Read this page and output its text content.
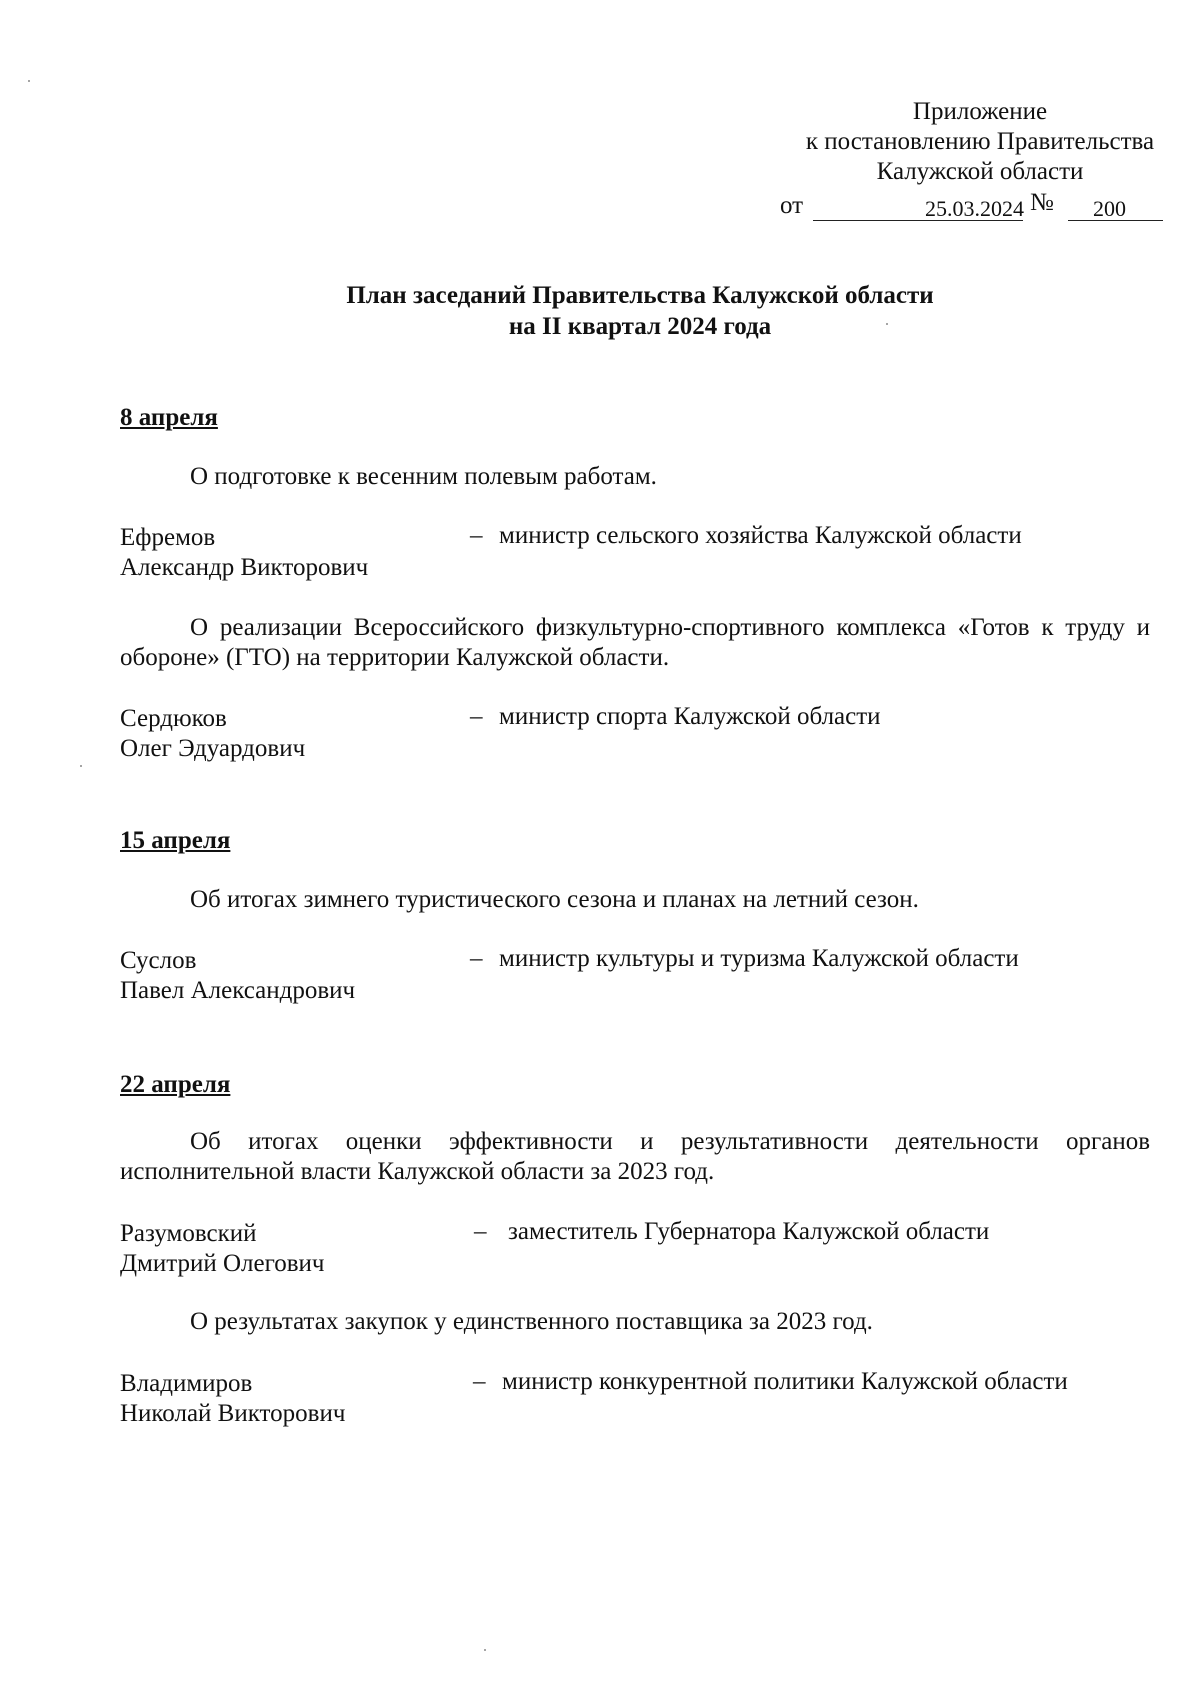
Приложение
к постановлению Правительства
Калужской области
от	25.03.2024 № 200
План заседаний Правительства Калужской области
на II квартал 2024 года
8 апреля
О подготовке к весенним полевым работам.
Ефремов
Александр Викторович
– министр сельского хозяйства Калужской области
О реализации Всероссийского физкультурно-спортивного комплекса «Готов к труду и обороне» (ГТО) на территории Калужской области.
Сердюков
Олег Эдуардович
– министр спорта Калужской области
15 апреля
Об итогах зимнего туристического сезона и планах на летний сезон.
Суслов
Павел Александрович
– министр культуры и туризма Калужской области
22 апреля
Об итогах оценки эффективности и результативности деятельности органов исполнительной власти Калужской области за 2023 год.
Разумовский
Дмитрий Олегович
– заместитель Губернатора Калужской области
О результатах закупок у единственного поставщика за 2023 год.
Владимиров
Николай Викторович
– министр конкурентной политики Калужской области
